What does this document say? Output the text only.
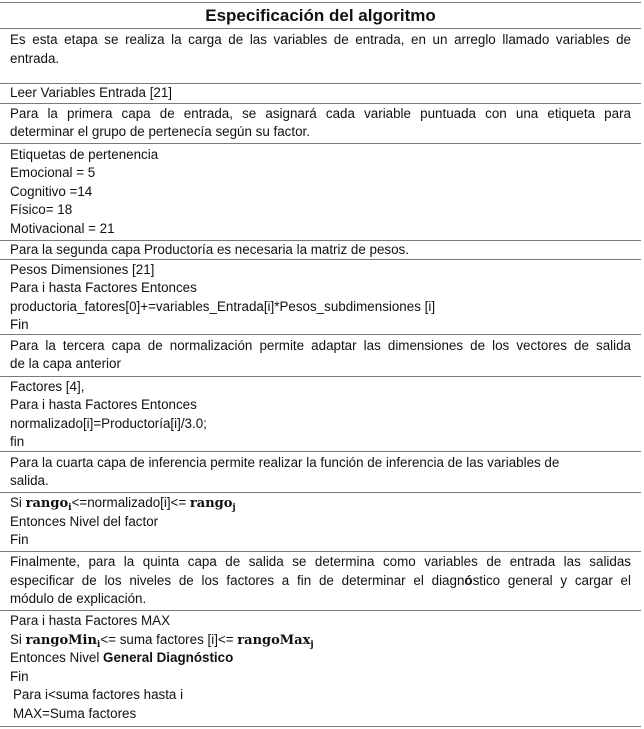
Especificación del algoritmo
Es esta etapa se realiza la carga de las variables de entrada, en un arreglo llamado variables de
entrada.
Leer Variables Entrada [21]
Para la primera capa de entrada, se asignará cada variable puntuada con una etiqueta para
determinar el grupo de pertenecía según su factor.
Etiquetas de pertenencia
Emocional = 5
Cognitivo =14
Físico= 18
Motivacional = 21
Para la segunda capa Productoría es necesaria la matriz de pesos.
Pesos Dimensiones [21]
Para i hasta Factores Entonces
productoria_fatores[0]+=variables_Entrada[i]*Pesos_subdimensiones [i]
Fin
Para la tercera capa de normalización permite adaptar las dimensiones de los vectores de salida
de la capa anterior
Factores [4],
Para i hasta Factores Entonces
normalizado[i]=Productoría[i]/3.0;
fin
Para la cuarta capa de inferencia permite realizar la función de inferencia de las variables de
salida.
Si rango$_i$<=normalizado[i]<= rango$_j$
Entonces Nivel del factor
Fin
Finalmente, para la quinta capa de salida se determina como variables de entrada las salidas
especificar de los niveles de los factores a fin de determinar el diagnóstico general y cargar el
módulo de explicación.
Para i hasta Factores MAX
Si rangoMin$_i$<= suma factores [i]<= rangoMax$_j$
Entonces Nivel General Diagnóstico
Fin
Para i<suma factores hasta i
MAX=Suma factores
